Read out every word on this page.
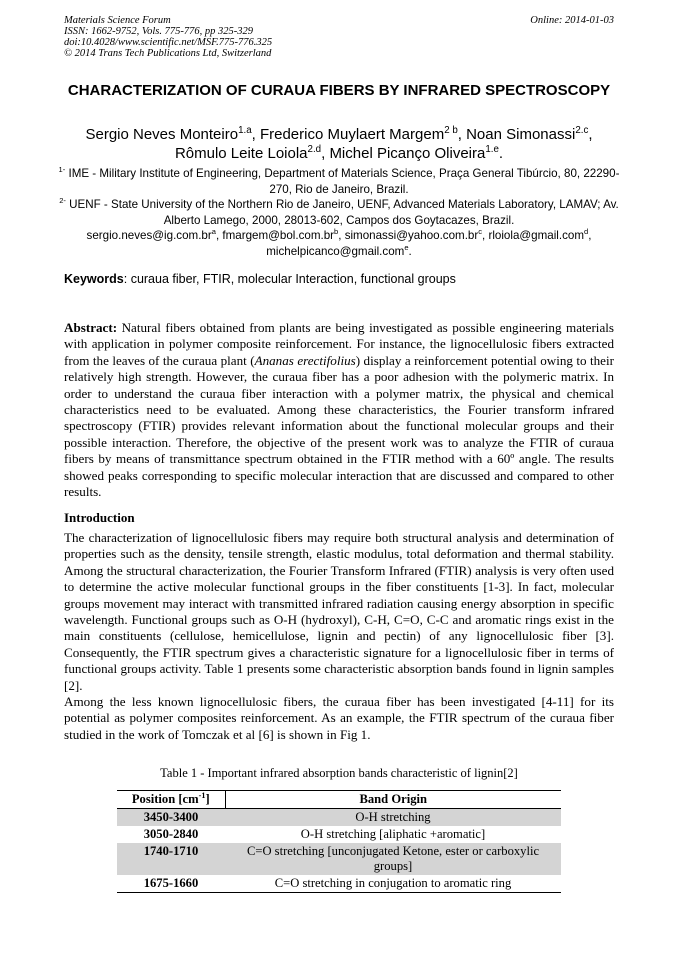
Materials Science Forum
ISSN: 1662-9752, Vols. 775-776, pp 325-329
doi:10.4028/www.scientific.net/MSF.775-776.325
© 2014 Trans Tech Publications Ltd, Switzerland
Online: 2014-01-03
CHARACTERIZATION OF CURAUA FIBERS BY INFRARED SPECTROSCOPY
Sergio Neves Monteiro$^{1.a}$, Frederico Muylaert Margem$^{2 b}$, Noan Simonassi$^{2.c}$,
Rômulo Leite Loiola$^{2.d}$, Michel Picanço Oliveira$^{1.e}$.
$^{1-}$ IME - Military Institute of Engineering, Department of Materials Science, Praça General Tibúrcio, 80, 22290-270, Rio de Janeiro, Brazil.
$^{2-}$ UENF - State University of the Northern Rio de Janeiro, UENF, Advanced Materials Laboratory, LAMAV; Av. Alberto Lamego, 2000, 28013-602, Campos dos Goytacazes, Brazil.
$sergio.neves@ig.com.br^a$, $fmargem@bol.com.br^b$, $simonassi@yahoo.com.br^c$, rloiola@gmail.com$^d$,
michelpicanco@gmail.com$^e$.
Keywords: curaua fiber, FTIR, molecular Interaction, functional groups
Abstract: Natural fibers obtained from plants are being investigated as possible engineering materials with application in polymer composite reinforcement. For instance, the lignocellulosic fibers extracted from the leaves of the curaua plant (Ananas erectifolius) display a reinforcement potential owing to their relatively high strength. However, the curaua fiber has a poor adhesion with the polymeric matrix. In order to understand the curaua fiber interaction with a polymer matrix, the physical and chemical characteristics need to be evaluated. Among these characteristics, the Fourier transform infrared spectroscopy (FTIR) provides relevant information about the functional molecular groups and their possible interaction. Therefore, the objective of the present work was to analyze the FTIR of curaua fibers by means of transmittance spectrum obtained in the FTIR method with a 60º angle. The results showed peaks corresponding to specific molecular interaction that are discussed and compared to other results.
Introduction
The characterization of lignocellulosic fibers may require both structural analysis and determination of properties such as the density, tensile strength, elastic modulus, total deformation and thermal stability. Among the structural characterization, the Fourier Transform Infrared (FTIR) analysis is very often used to determine the active molecular functional groups in the fiber constituents [1-3]. In fact, molecular groups movement may interact with transmitted infrared radiation causing energy absorption in specific wavelength. Functional groups such as O-H (hydroxyl), C-H, C=O, C-C and aromatic rings exist in the main constituents (cellulose, hemicellulose, lignin and pectin) of any lignocellulosic fiber [3]. Consequently, the FTIR spectrum gives a characteristic signature for a lignocellulosic fiber in terms of functional groups activity. Table 1 presents some characteristic absorption bands found in lignin samples [2].
Among the less known lignocellulosic fibers, the curaua fiber has been investigated [4-11] for its potential as polymer composites reinforcement. As an example, the FTIR spectrum of the curaua fiber studied in the work of Tomczak et al [6] is shown in Fig 1.
Table 1 - Important infrared absorption bands characteristic of lignin[2]
Position $[cm^{-1}]$	Band Origin
3450-3400	O-H stretching
3050-2840	O-H stretching [aliphatic +aromatic]
1740-1710	C=O stretching [unconjugated Ketone, ester or carboxylic groups]
1675-1660	C=O stretching in conjugation to aromatic ring
